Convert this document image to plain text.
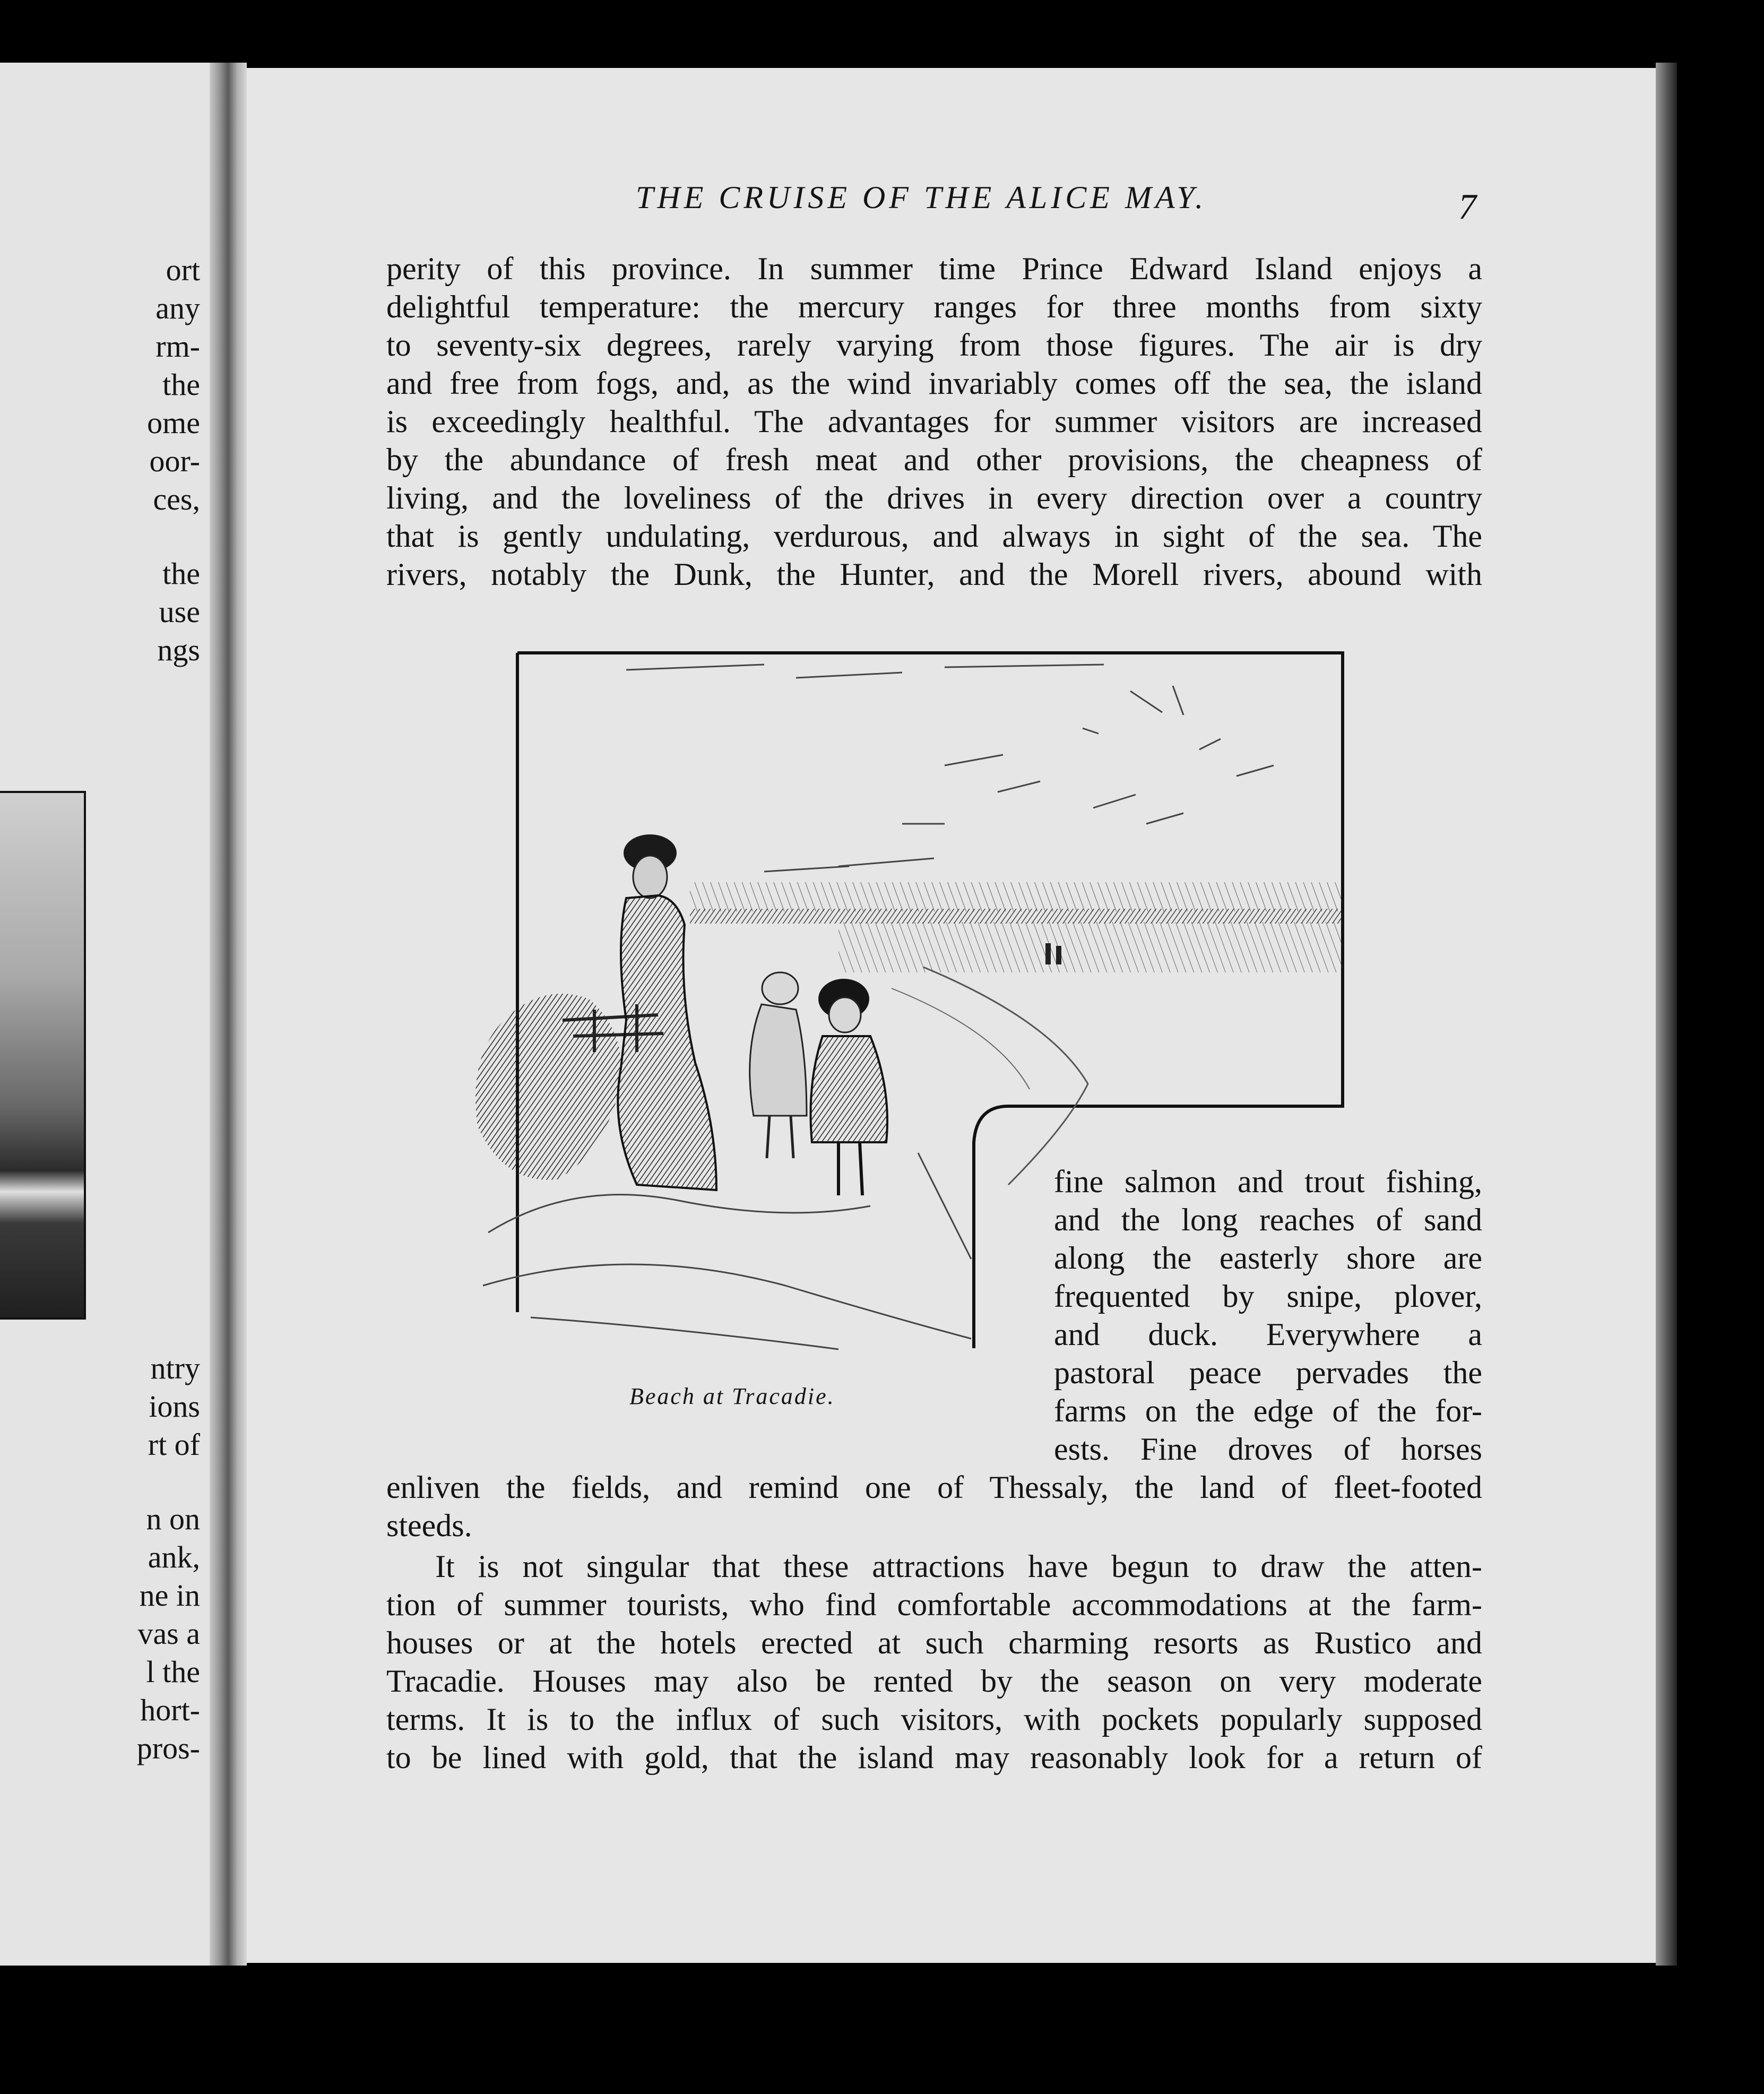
ort
any
rm-
the
ome
oor-
ces,
the
use
ngs
ntry
ions
rt of
n on
ank,
ne in
vas a
l the
hort-
pros-
THE CRUISE OF THE ALICE MAY.	7
perity of this province. In summer time Prince Edward Island enjoys a
delightful temperature: the mercury ranges for three months from sixty
to seventy-six degrees, rarely varying from those figures. The air is dry
and free from fogs, and, as the wind invariably comes off the sea, the island
is exceedingly healthful. The advantages for summer visitors are increased
by the abundance of fresh meat and other provisions, the cheapness of
living, and the loveliness of the drives in every direction over a country
that is gently undulating, verdurous, and always in sight of the sea. The
rivers, notably the Dunk, the Hunter, and the Morell rivers, abound with
Beach at Tracadie.
fine salmon and trout fishing,
and the long reaches of sand
along the easterly shore are
frequented by snipe, plover,
and duck. Everywhere a
pastoral peace pervades the
farms on the edge of the for-
ests. Fine droves of horses
enliven the fields, and remind one of Thessaly, the land of fleet-footed
steeds.
It is not singular that these attractions have begun to draw the atten-
tion of summer tourists, who find comfortable accommodations at the farm-
houses or at the hotels erected at such charming resorts as Rustico and
Tracadie. Houses may also be rented by the season on very moderate
terms. It is to the influx of such visitors, with pockets popularly supposed
to be lined with gold, that the island may reasonably look for a return of
